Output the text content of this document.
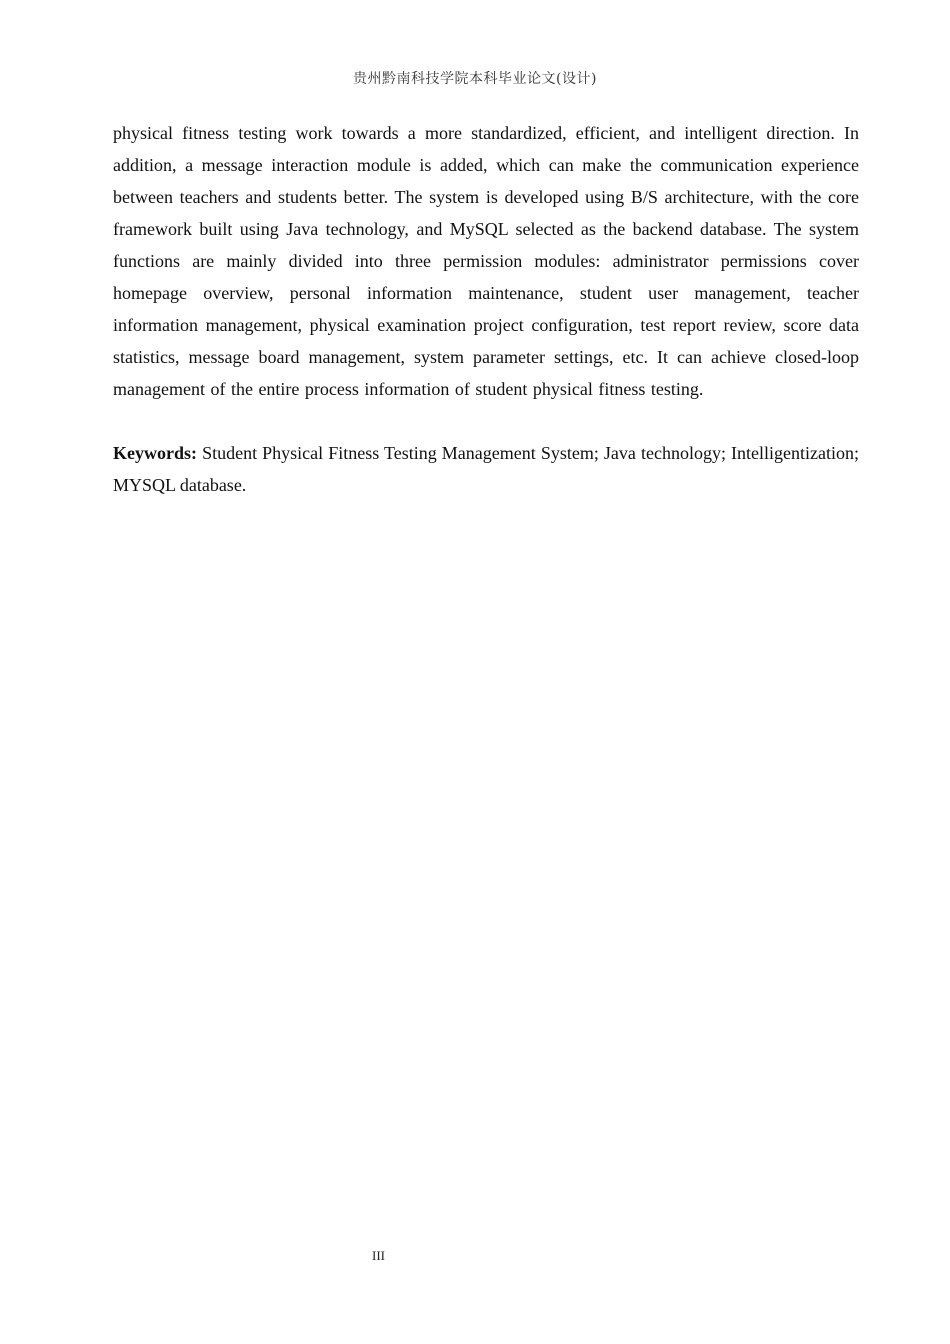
贵州黔南科技学院本科毕业论文(设计)

physical fitness testing work towards a more standardized, efficient, and intelligent direction. In addition, a message interaction module is added, which can make the communication experience between teachers and students better. The system is developed using B/S architecture, with the core framework built using Java technology, and MySQL selected as the backend database. The system functions are mainly divided into three permission modules: administrator permissions cover homepage overview, personal information maintenance, student user management, teacher information management, physical examination project configuration, test report review, score data statistics, message board management, system parameter settings, etc. It can achieve closed-loop management of the entire process information of student physical fitness testing.

Keywords: Student Physical Fitness Testing Management System; Java technology; Intelligentization; MYSQL database.

III
